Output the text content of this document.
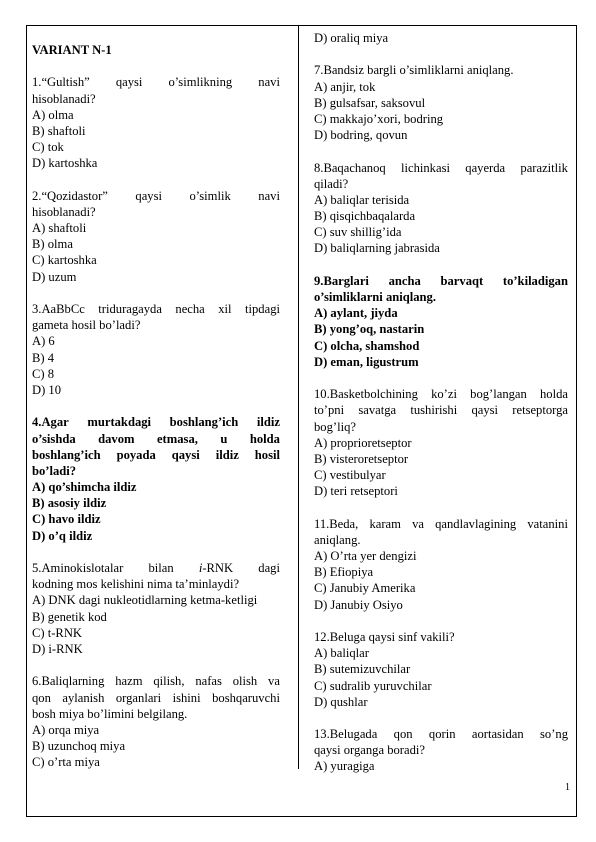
VARIANT N-1
1.“Gultish” qaysi o’simlikning navi
hisoblanadi?
A) olma
B) shaftoli
C) tok
D) kartoshka
2.“Qozidastor” qaysi o’simlik navi
hisoblanadi?
A) shaftoli
B) olma
C) kartoshka
D) uzum
3.AaBbCc triduragayda necha xil tipdagi
gameta hosil bo’ladi?
A) 6
B) 4
C) 8
D) 10
4.Agar murtakdagi boshlang’ich ildiz
o’sishda davom etmasa, u holda
boshlang’ich poyada qaysi ildiz hosil
bo’ladi?
A) qo’shimcha ildiz
B) asosiy ildiz
C) havo ildiz
D) o’q ildiz
5.Aminokislotalar bilan i-RNK dagi
kodning mos kelishini nima ta’minlaydi?
A) DNK dagi nukleotidlarning ketma-ketligi
B) genetik kod
C) t-RNK
D) i-RNK
6.Baliqlarning hazm qilish, nafas olish va
qon aylanish organlari ishini boshqaruvchi
bosh miya bo’limini belgilang.
A) orqa miya
B) uzunchoq miya
C) o’rta miya
D) oraliq miya
7.Bandsiz bargli o’simliklarni aniqlang.
A) anjir, tok
B) gulsafsar, saksovul
C) makkajo’xori, bodring
D) bodring, qovun
8.Baqachanoq lichinkasi qayerda parazitlik
qiladi?
A) baliqlar terisida
B) qisqichbaqalarda
C) suv shillig’ida
D) baliqlarning jabrasida
9.Barglari ancha barvaqt to’kiladigan
o’simliklarni aniqlang.
A) aylant, jiyda
B) yong’oq, nastarin
C) olcha, shamshod
D) eman, ligustrum
10.Basketbolchining ko’zi bog’langan holda
to’pni savatga tushirishi qaysi retseptorga
bog’liq?
A) proprioretseptor
B) visteroretseptor
C) vestibulyar
D) teri retseptori
11.Beda, karam va qandlavlagining vatanini
aniqlang.
A) O’rta yer dengizi
B) Efiopiya
C) Janubiy Amerika
D) Janubiy Osiyo
12.Beluga qaysi sinf vakili?
A) baliqlar
B) sutemizuvchilar
C) sudralib yuruvchilar
D) qushlar
13.Belugada qon qorin aortasidan so’ng
qaysi organga boradi?
A) yuragiga
1
